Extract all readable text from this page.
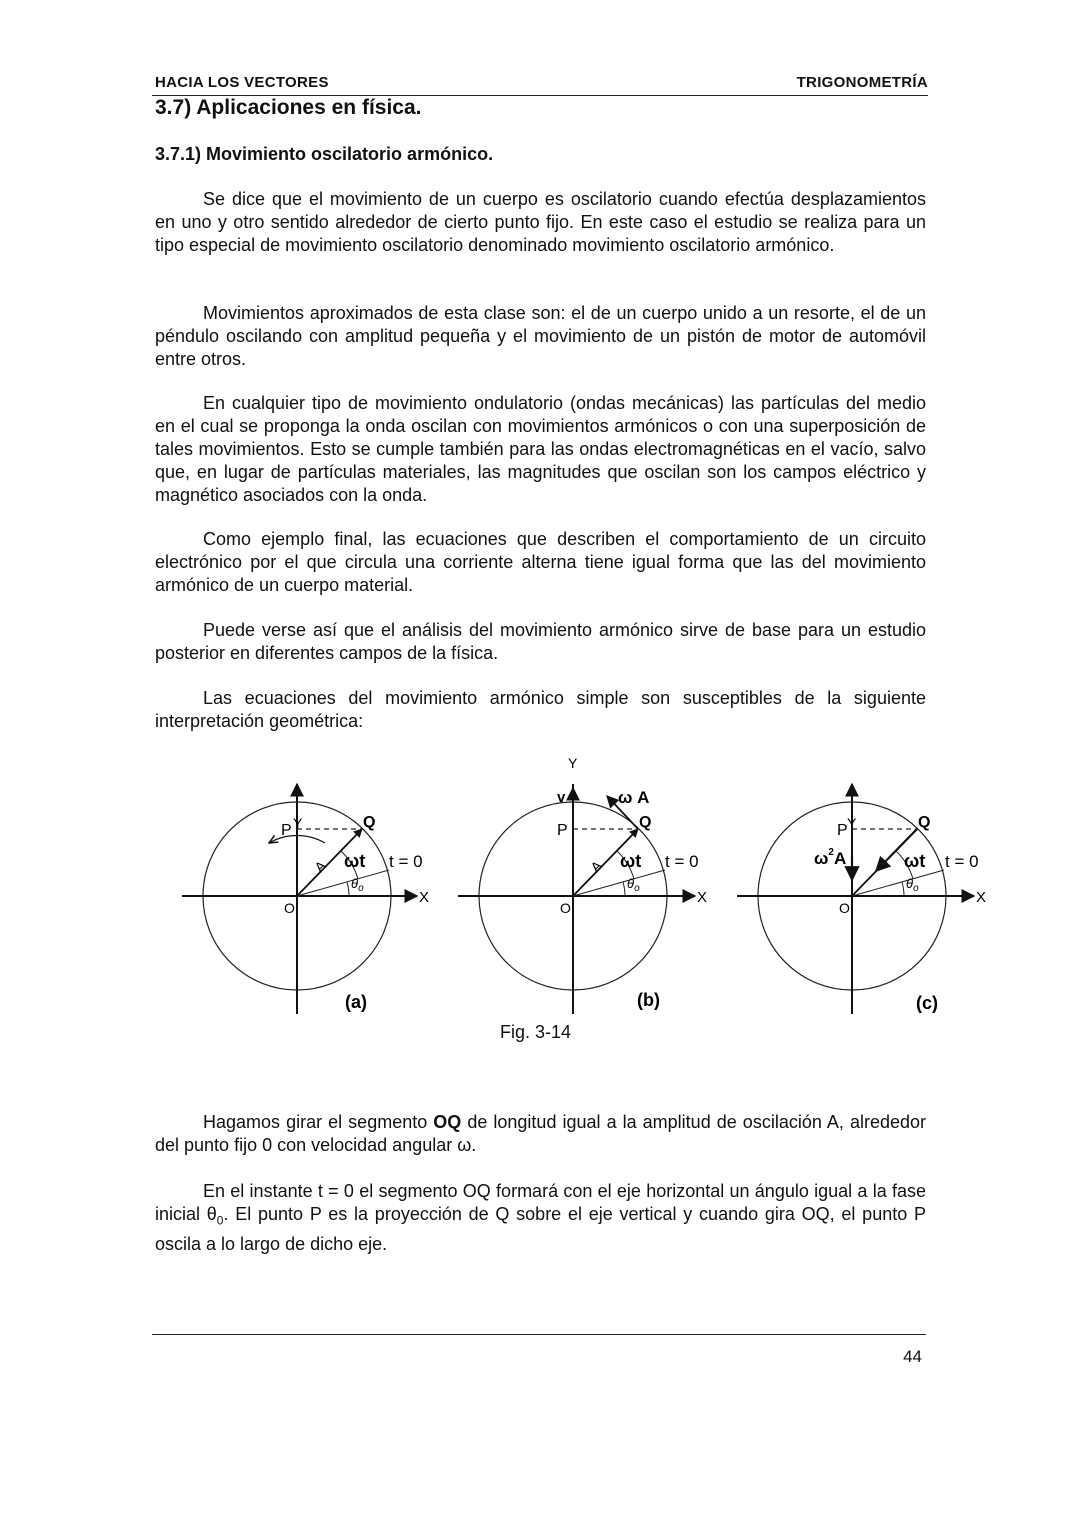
HACIA LOS VECTORES	TRIGONOMETRÍA
3.7) Aplicaciones en física.
3.7.1) Movimiento oscilatorio armónico.

Se dice que el movimiento de un cuerpo es oscilatorio cuando efectúa desplazamientos en uno y otro sentido alrededor de cierto punto fijo. En este caso el estudio se realiza para un tipo especial de movimiento oscilatorio denominado movimiento oscilatorio armónico.

Movimientos aproximados de esta clase son: el de un cuerpo unido a un resorte, el de un péndulo oscilando con amplitud pequeña y el movimiento de un pistón de motor de automóvil entre otros.

En cualquier tipo de movimiento ondulatorio (ondas mecánicas) las partículas del medio en el cual se proponga la onda oscilan con movimientos armónicos o con una superposición de tales movimientos. Esto se cumple también para las ondas electromagnéticas en el vacío, salvo que, en lugar de partículas materiales, las magnitudes que oscilan son los campos eléctrico y magnético asociados con la onda.

Como ejemplo final, las ecuaciones que describen el comportamiento de un circuito electrónico por el que circula una corriente alterna tiene igual forma que las del movimiento armónico de un cuerpo material.

Puede verse así que el análisis del movimiento armónico sirve de base para un estudio posterior en diferentes campos de la física.

Las ecuaciones del movimiento armónico simple son susceptibles de la siguiente interpretación geométrica:

Y
X
O
P	Q
ωt t = 0
$\theta_o$
A
(a)
Y
X
O
P
v	ω A
Q
ωt t = 0
$\theta_o$
A
(b)
Y
X
O
P
$\omega^2A$
Q
ωt t = 0
$\theta_o$
(c)
Fig. 3-14

Hagamos girar el segmento OQ de longitud igual a la amplitud de oscilación A, alrededor del punto fijo 0 con velocidad angular ω.

En el instante t = 0 el segmento OQ formará con el eje horizontal un ángulo igual a la fase inicial $\theta_0$. El punto P es la proyección de Q sobre el eje vertical y cuando gira OQ, el punto P oscila a lo largo de dicho eje.

44
